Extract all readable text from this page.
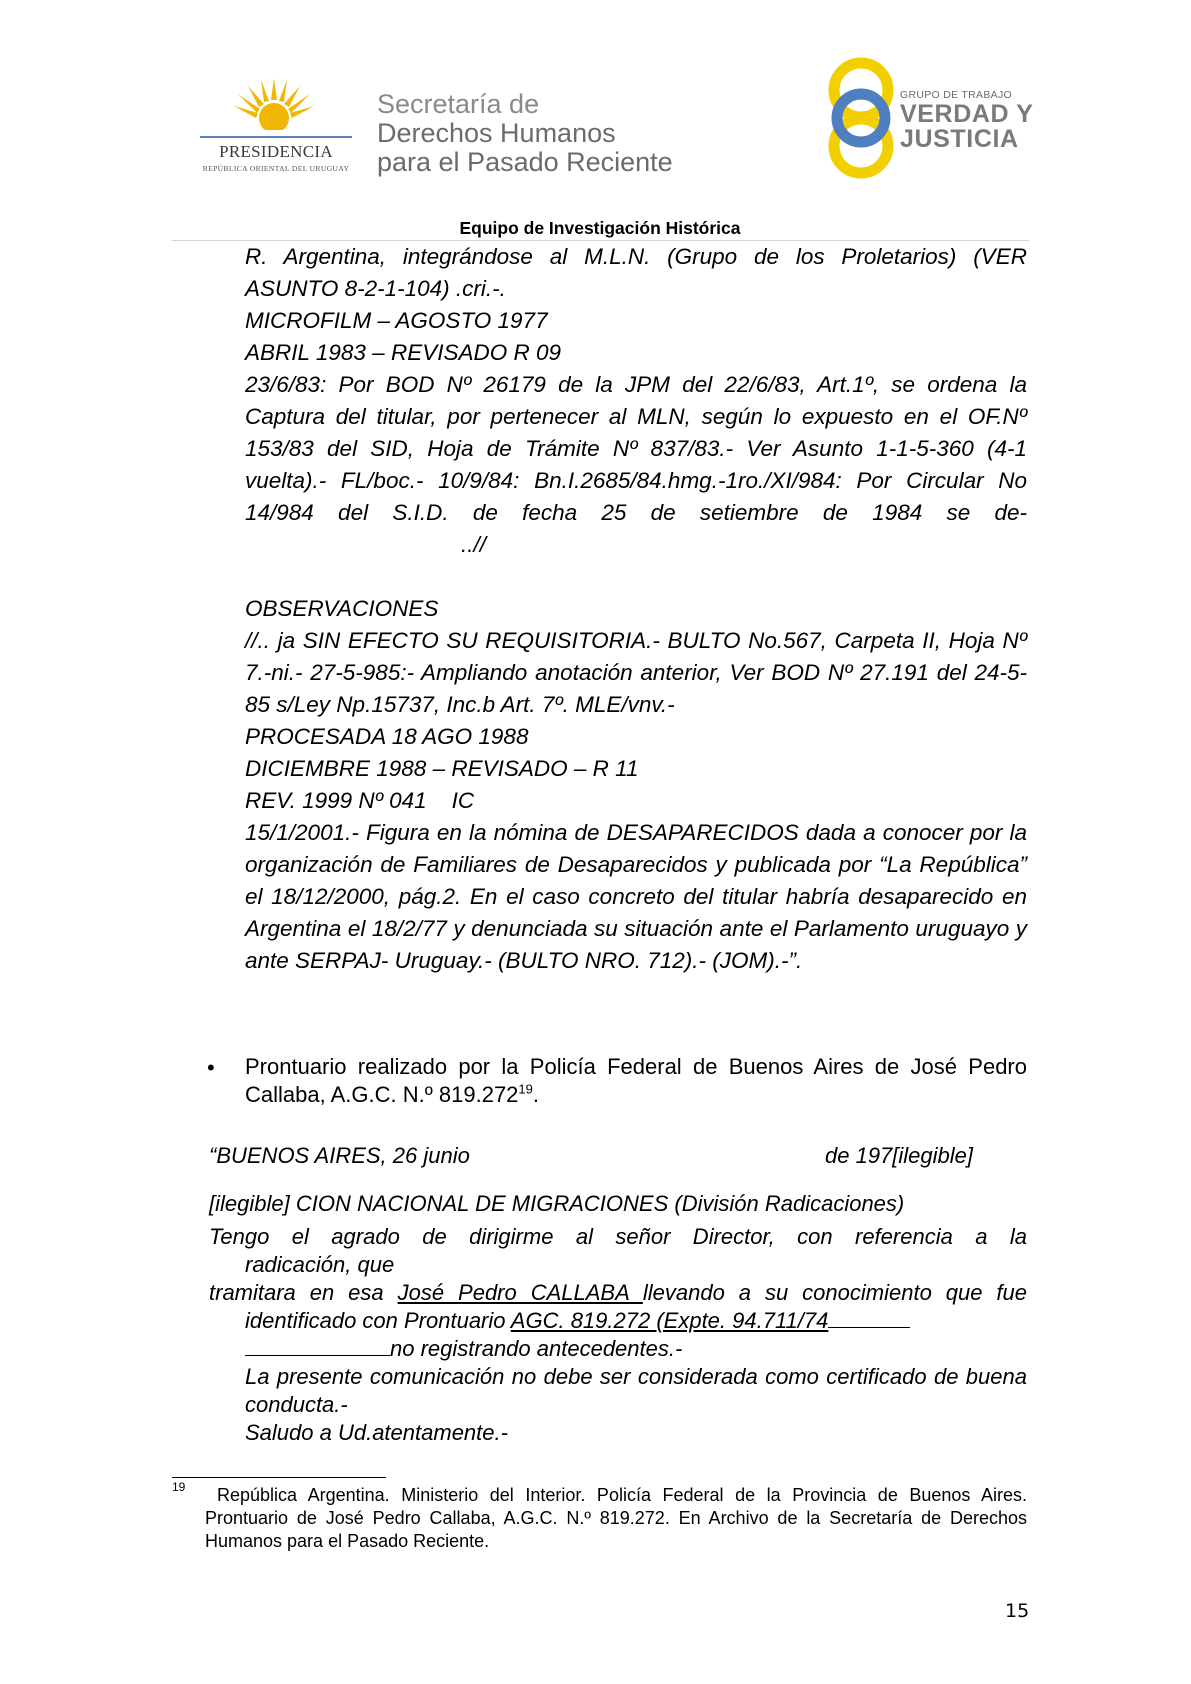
PRESIDENCIA
REPÚBLICA ORIENTAL DEL URUGUAY
Secretaría de
Derechos Humanos
para el Pasado Reciente
GRUPO DE TRABAJO
VERDAD Y
JUSTICIA
Equipo de Investigación Histórica
R. Argentina, integrándose al M.L.N. (Grupo de los Proletarios) (VER
ASUNTO 8-2-1-104) .cri.-.
MICROFILM – AGOSTO 1977
ABRIL 1983 – REVISADO R 09
23/6/83: Por BOD Nº 26179 de la JPM del 22/6/83, Art.1º, se ordena la Captura del titular, por pertenecer al MLN, según lo expuesto en el OF.Nº 153/83 del SID, Hoja de Trámite Nº 837/83.- Ver Asunto 1-1-5-360 (4-1 vuelta).- FL/boc.- 10/9/84: Bn.I.2685/84.hmg.-1ro./XI/984: Por Circular No 14/984 del S.I.D. de fecha 25 de setiembre de 1984 se de-
..//
OBSERVACIONES
//.. ja SIN EFECTO SU REQUISITORIA.- BULTO No.567, Carpeta II, Hoja Nº 7.-ni.- 27-5-985:- Ampliando anotación anterior, Ver BOD Nº 27.191 del 24-5-85 s/Ley Np.15737, Inc.b Art. 7º. MLE/vnv.-
PROCESADA 18 AGO 1988
DICIEMBRE 1988 – REVISADO – R 11
REV. 1999 Nº 041    IC
15/1/2001.- Figura en la nómina de DESAPARECIDOS dada a conocer por la organización de Familiares de Desaparecidos y publicada por “La República” el 18/12/2000, pág.2. En el caso concreto del titular habría desaparecido en Argentina el 18/2/77 y denunciada su situación ante el Parlamento uruguayo y ante SERPAJ- Uruguay.- (BULTO NRO. 712).- (JOM).-”.
• Prontuario realizado por la Policía Federal de Buenos Aires de José Pedro Callaba, A.G.C. N.º 819.272$^{19}$.
“BUENOS AIRES, 26 junio	de 197[ilegible]
[ilegible] CION NACIONAL DE MIGRACIONES (División Radicaciones)
Tengo el agrado de dirigirme al señor Director, con referencia a la
radicación, que
tramitara en esa José Pedro CALLABA llevando a su conocimiento que fue
identificado con Prontuario AGC. 819.272 (Expte. 94.711/74
no registrando antecedentes.-
La presente comunicación no debe ser considerada como certificado de buena conducta.-
Saludo a Ud.atentamente.-
19	República Argentina. Ministerio del Interior. Policía Federal de la Provincia de Buenos Aires. Prontuario de José Pedro Callaba, A.G.C. N.º 819.272. En Archivo de la Secretaría de Derechos Humanos para el Pasado Reciente.
15
